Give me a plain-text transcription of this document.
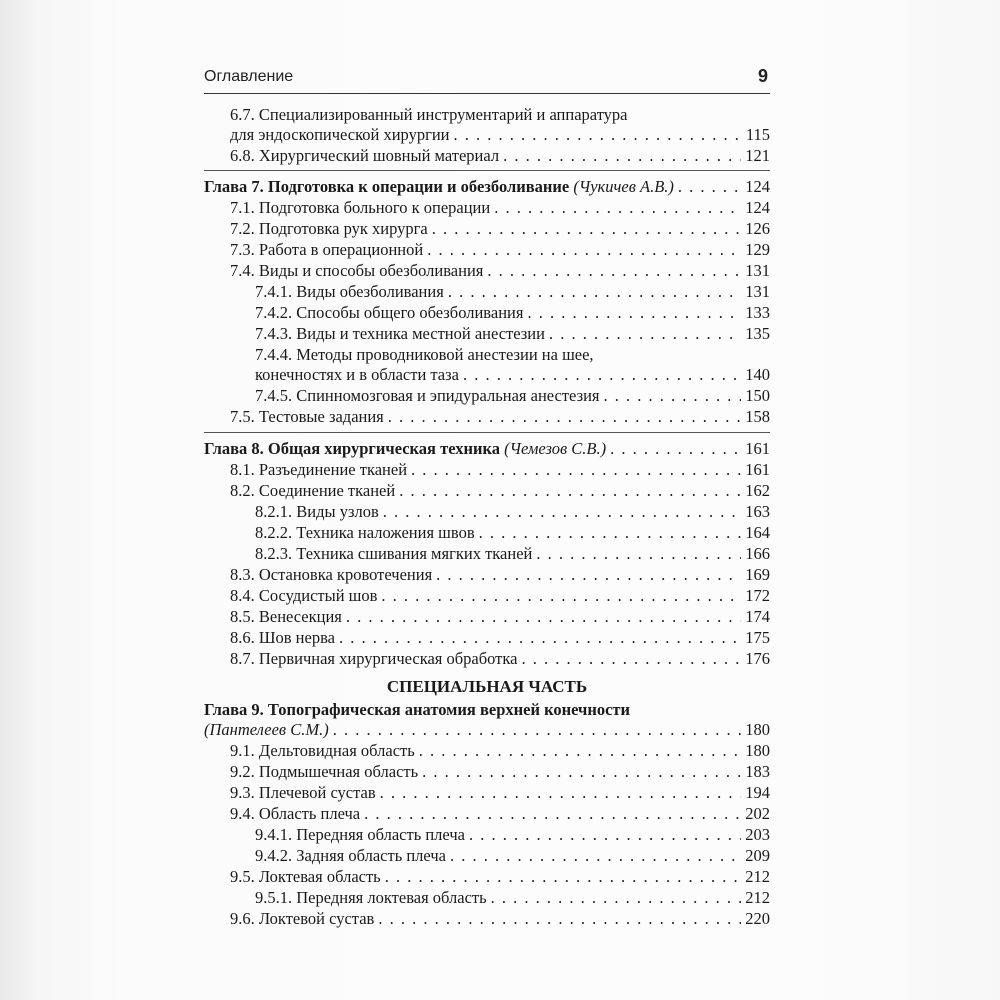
Оглавление	9
6.7. Специализированный инструментарий и аппаратура
для эндоскопической хирургии . . .	115
6.8. Хирургический шовный материал . . .	121
Глава 7. Подготовка к операции и обезболивание (Чукичев А.В.) . . .	124
7.1. Подготовка больного к операции . . .	124
7.2. Подготовка рук хирурга . . .	126
7.3. Работа в операционной . . .	129
7.4. Виды и способы обезболивания . . .	131
7.4.1. Виды обезболивания . . .	131
7.4.2. Способы общего обезболивания . . .	133
7.4.3. Виды и техника местной анестезии . . .	135
7.4.4. Методы проводниковой анестезии на шее,
конечностях и в области таза . . .	140
7.4.5. Спинномозговая и эпидуральная анестезия . . .	150
7.5. Тестовые задания . . .	158
Глава 8. Общая хирургическая техника (Чемезов С.В.) . . .	161
8.1. Разъединение тканей . . .	161
8.2. Соединение тканей . . .	162
8.2.1. Виды узлов . . .	163
8.2.2. Техника наложения швов . . .	164
8.2.3. Техника сшивания мягких тканей . . .	166
8.3. Остановка кровотечения . . .	169
8.4. Сосудистый шов . . .	172
8.5. Венесекция . . .	174
8.6. Шов нерва . . .	175
8.7. Первичная хирургическая обработка . . .	176
СПЕЦИАЛЬНАЯ ЧАСТЬ
Глава 9. Топографическая анатомия верхней конечности
(Пантелеев С.М.) . . .	180
9.1. Дельтовидная область . . .	180
9.2. Подмышечная область . . .	183
9.3. Плечевой сустав . . .	194
9.4. Область плеча . . .	202
9.4.1. Передняя область плеча . . .	203
9.4.2. Задняя область плеча . . .	209
9.5. Локтевая область . . .	212
9.5.1. Передняя локтевая область . . .	212
9.6. Локтевой сустав . . .	220
